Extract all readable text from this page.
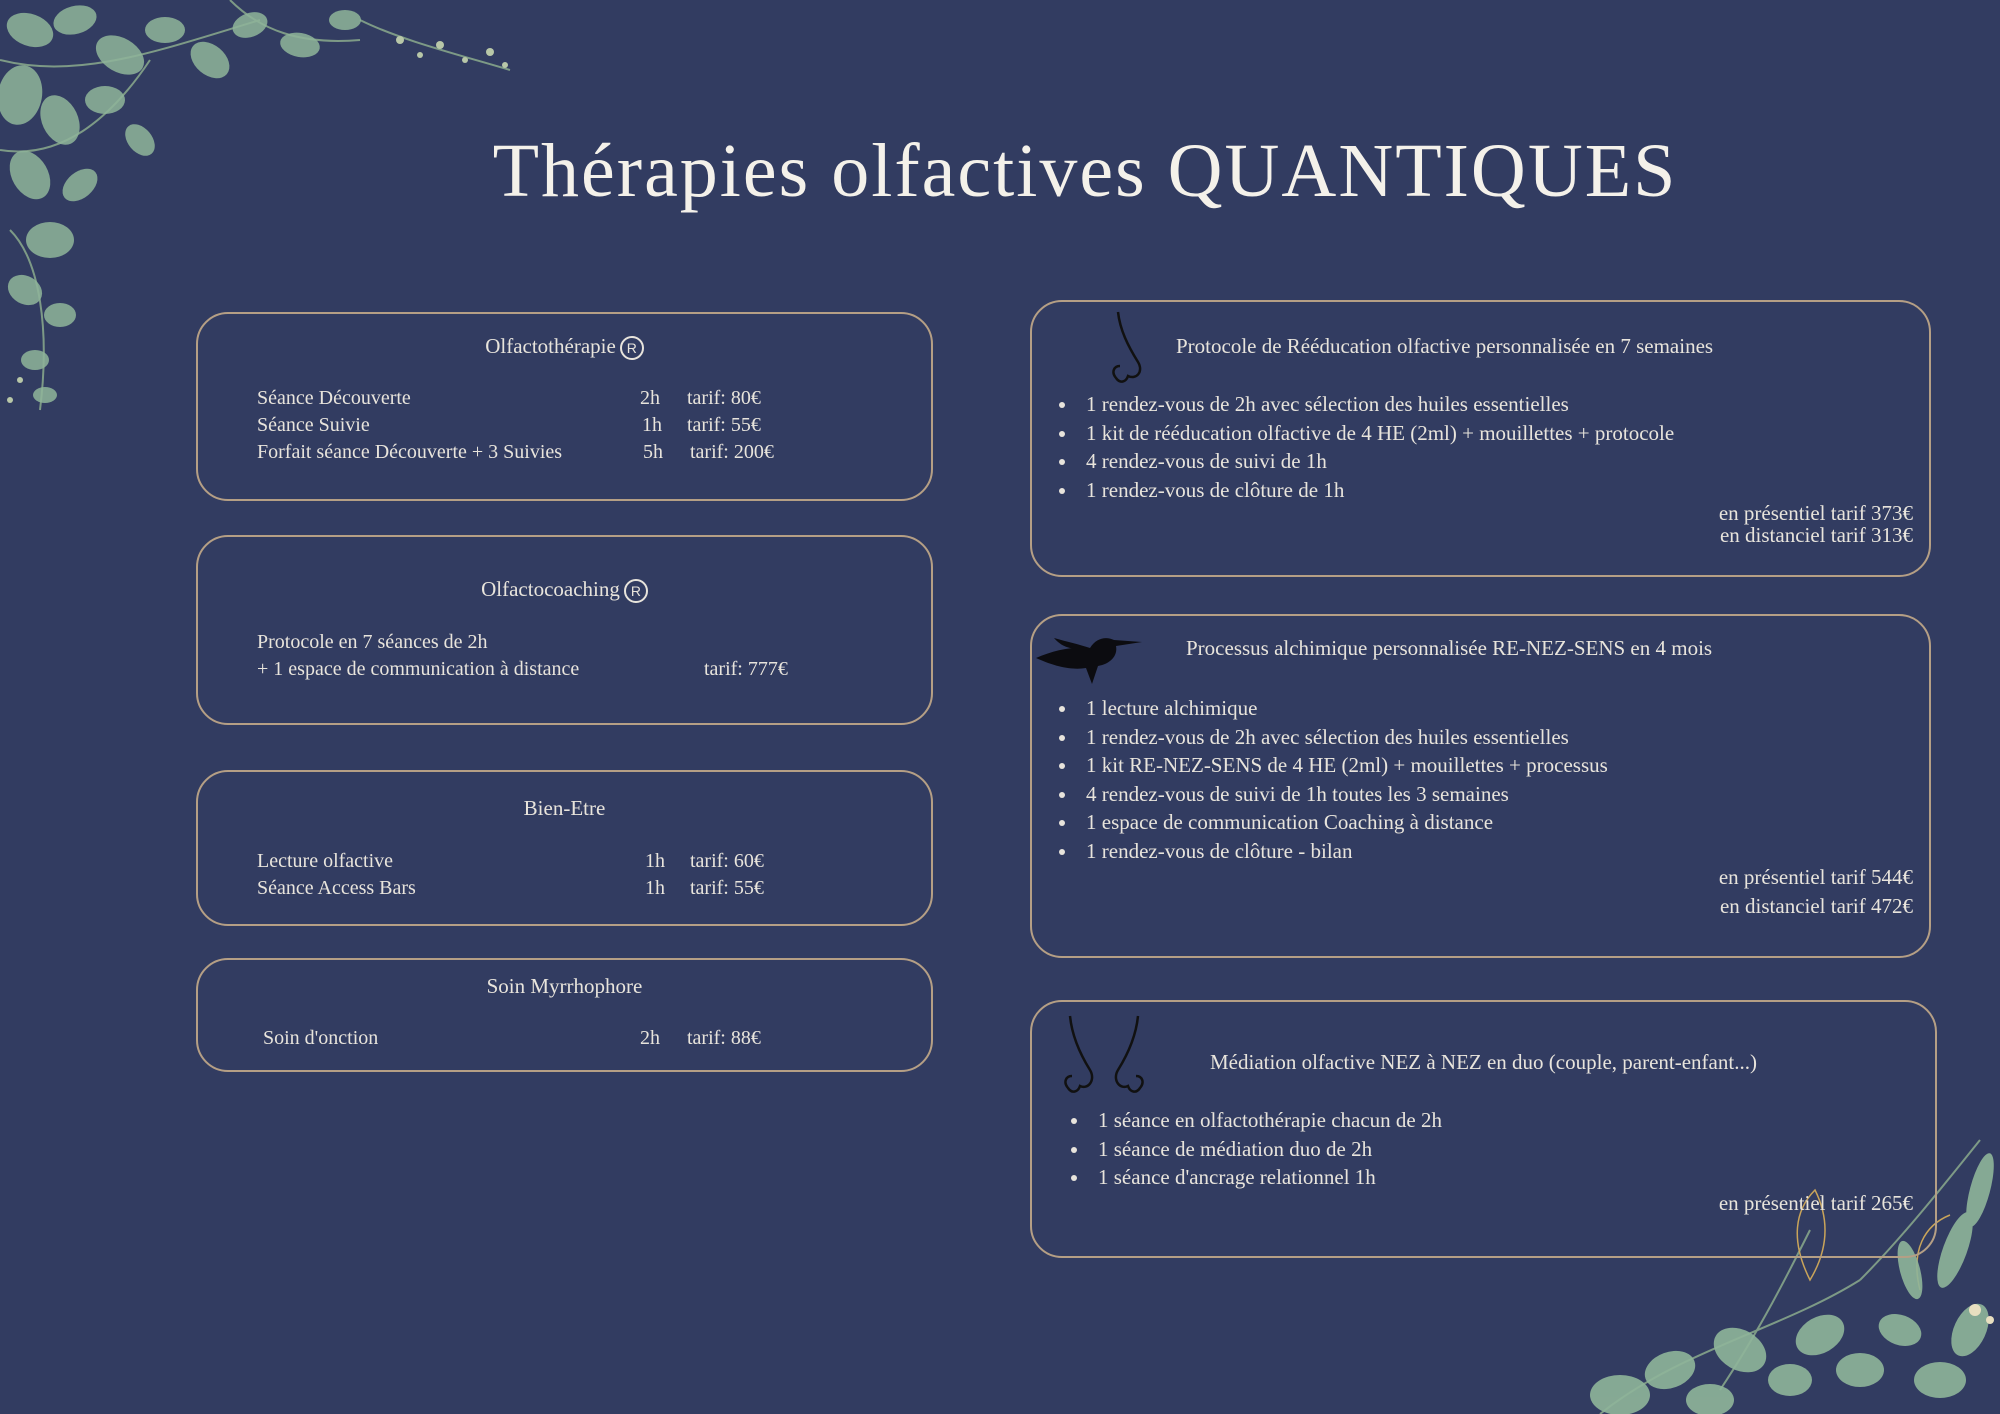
Thérapies olfactives QUANTIQUES
Olfactothérapie R
Séance Découverte	2h tarif: 80€
Séance Suivie	1h tarif: 55€
Forfait séance Découverte + 3 Suivies	5h tarif: 200€
Olfactocoaching R
Protocole en 7 séances de 2h
+ 1 espace de communication à distance	tarif: 777€
Bien-Etre
Lecture olfactive	1h tarif: 60€
Séance Access Bars	1h tarif: 55€
Soin Myrrhophore
Soin d'onction	2h tarif: 88€
Protocole de Rééducation olfactive personnalisée en 7 semaines
1 rendez-vous de 2h avec sélection des huiles essentielles
1 kit de rééducation olfactive de 4 HE (2ml) + mouillettes + protocole
4 rendez-vous de suivi de 1h
1 rendez-vous de clôture de 1h
en présentiel tarif 373€
en distanciel tarif 313€
Processus alchimique personnalisée RE-NEZ-SENS en 4 mois
1 lecture alchimique
1 rendez-vous de 2h avec sélection des huiles essentielles
1 kit RE-NEZ-SENS de 4 HE (2ml) + mouillettes + processus
4 rendez-vous de suivi de 1h toutes les 3 semaines
1 espace de communication Coaching à distance
1 rendez-vous de clôture - bilan
en présentiel tarif 544€
en distanciel tarif 472€
Médiation olfactive NEZ à NEZ en duo (couple, parent-enfant...)
1 séance en olfactothérapie chacun de 2h
1 séance de médiation duo de 2h
1 séance d'ancrage relationnel 1h
en présentiel tarif 265€
